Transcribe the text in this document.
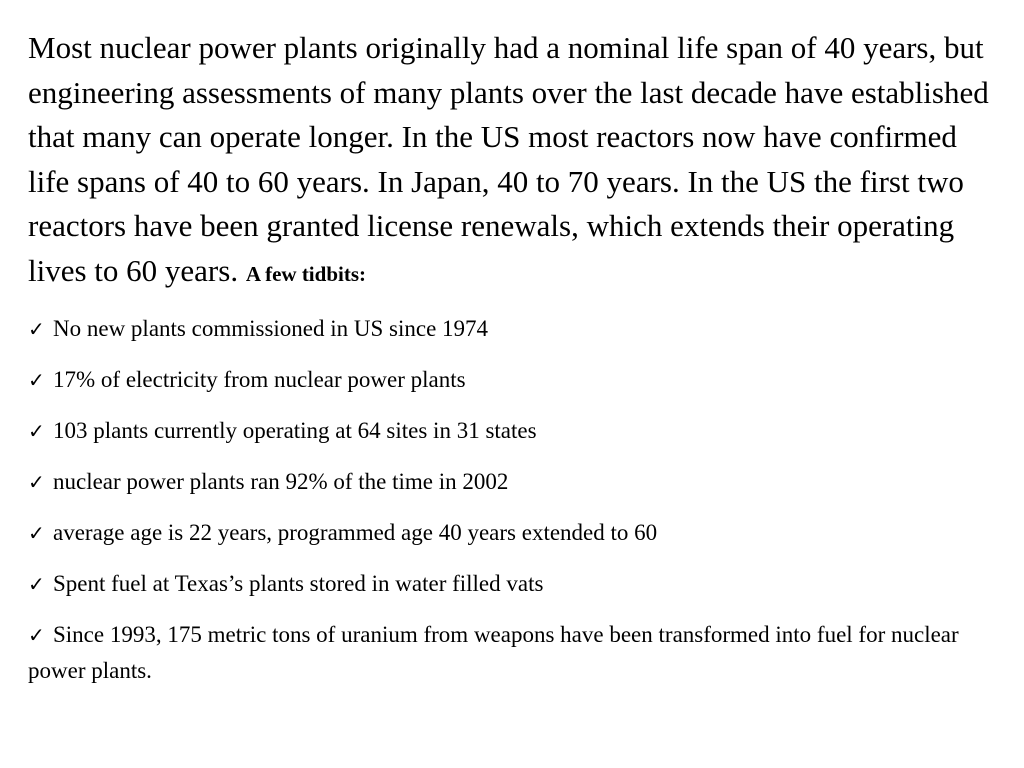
Most nuclear power plants originally had a nominal life span of 40 years, but engineering assessments of many plants over the last decade have established that many can operate longer. In the US most reactors now have confirmed life spans of 40 to 60 years. In Japan, 40 to 70 years. In the US the first two reactors have been granted license renewals, which extends their operating lives to 60 years. A few tidbits:

✓ No new plants commissioned in US since 1974
✓ 17% of electricity from nuclear power plants
✓ 103 plants currently operating at 64 sites in 31 states
✓ nuclear power plants ran 92% of the time in 2002
✓ average age is 22 years, programmed age 40 years extended to 60
✓ Spent fuel at Texas’s plants stored in water filled vats
✓ Since 1993, 175 metric tons of uranium from weapons have been transformed into fuel for nuclear power plants.
